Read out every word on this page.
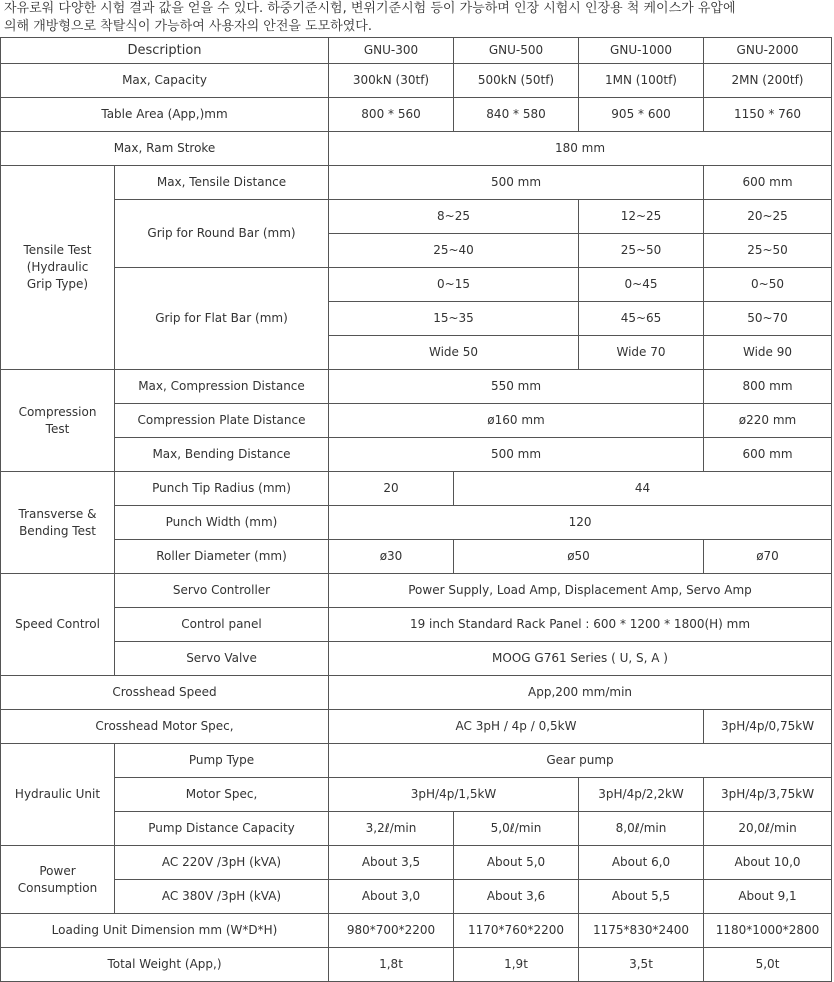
자유로워 다양한 시험 결과 값을 얻을 수 있다. 하중기준시험, 변위기준시험 등이 가능하며 인장 시험시 인장용 척 케이스가 유압에
의해 개방형으로 착탈식이 가능하여 사용자의 안전을 도모하였다.
Description		GNU-300	GNU-500	GNU-1000	GNU-2000
Max, Capacity		300kN (30tf)	500kN (50tf)	1MN (100tf)	2MN (200tf)
Table Area (App,)mm		800 * 560	840 * 580	905 * 600	1150 * 760
Max, Ram Stroke		180 mm			

Tensile Test
(Hydraulic
Grip Type)	Max, Tensile Distance	500 mm			600 mm
	Grip for Round Bar (mm)	8~25		12~25	20~25
		25~40		25~50	25~50
	Grip for Flat Bar (mm)	0~15		0~45	0~50
		15~35		45~65	50~70
		Wide 50		Wide 70	Wide 90

Compression
Test	Max, Compression Distance	550 mm			800 mm
	Compression Plate Distance	ø160 mm			ø220 mm
	Max, Bending Distance	500 mm			600 mm

Transverse &
Bending Test	Punch Tip Radius (mm)	20	44		
	Punch Width (mm)	120			
	Roller Diameter (mm)	ø30	ø50		ø70
Speed Control	Servo Controller	Power Supply, Load Amp, Displacement Amp, Servo Amp			
	Control panel	19 inch Standard Rack Panel : 600 * 1200 * 1800(H) mm			
	Servo Valve	MOOG G761 Series ( U, S, A )			
Crosshead Speed		App,200 mm/min			
Crosshead Motor Spec,		AC 3pH / 4p / 0,5kW			3pH/4p/0,75kW
Hydraulic Unit	Pump Type	Gear pump			
	Motor Spec,	3pH/4p/1,5kW		3pH/4p/2,2kW	3pH/4p/3,75kW
	Pump Distance Capacity	3,2ℓ/min	5,0ℓ/min	8,0ℓ/min	20,0ℓ/min

Power
Consumption	AC 220V /3pH (kVA)	About 3,5	About 5,0	About 6,0	About 10,0
	AC 380V /3pH (kVA)	About 3,0	About 3,6	About 5,5	About 9,1
Loading Unit Dimension mm (W*D*H)		980*700*2200	1170*760*2200	1175*830*2400	1180*1000*2800
Total Weight (App,)		1,8t	1,9t	3,5t	5,0t
